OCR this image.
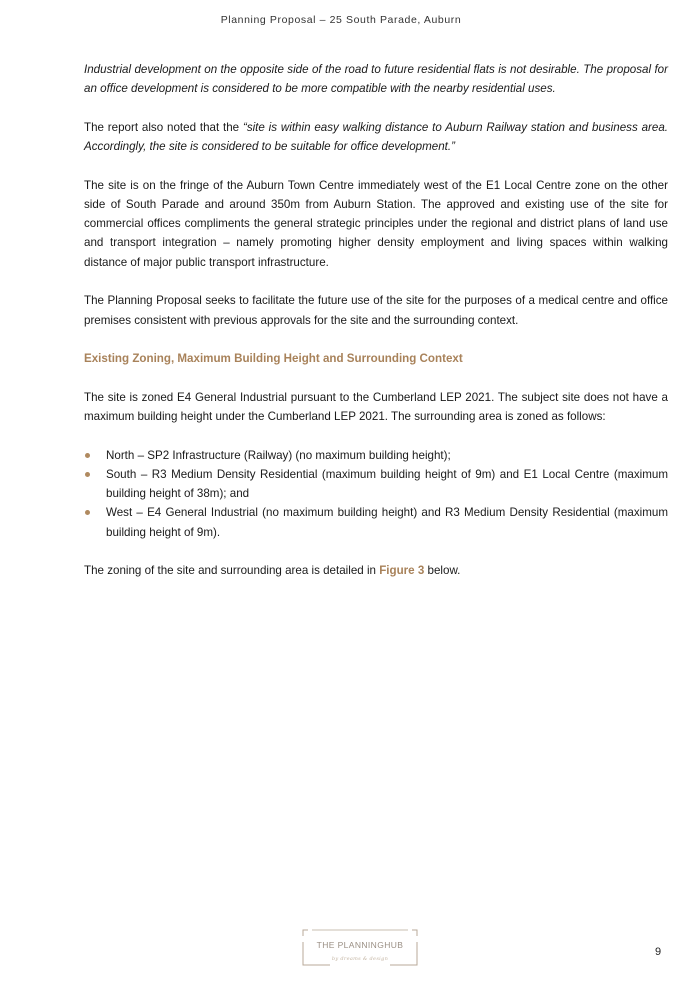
Planning Proposal – 25 South Parade, Auburn

Industrial development on the opposite side of the road to future residential flats is not desirable. The proposal for an office development is considered to be more compatible with the nearby residential uses.

The report also noted that the “site is within easy walking distance to Auburn Railway station and business area. Accordingly, the site is considered to be suitable for office development.”

The site is on the fringe of the Auburn Town Centre immediately west of the E1 Local Centre zone on the other side of South Parade and around 350m from Auburn Station. The approved and existing use of the site for commercial offices compliments the general strategic principles under the regional and district plans of land use and transport integration – namely promoting higher density employment and living spaces within walking distance of major public transport infrastructure.

The Planning Proposal seeks to facilitate the future use of the site for the purposes of a medical centre and office premises consistent with previous approvals for the site and the surrounding context.

Existing Zoning, Maximum Building Height and Surrounding Context

The site is zoned E4 General Industrial pursuant to the Cumberland LEP 2021. The subject site does not have a maximum building height under the Cumberland LEP 2021. The surrounding area is zoned as follows:

North – SP2 Infrastructure (Railway) (no maximum building height);
South – R3 Medium Density Residential (maximum building height of 9m) and E1 Local Centre (maximum building height of 38m); and
West – E4 General Industrial (no maximum building height) and R3 Medium Density Residential (maximum building height of 9m).

The zoning of the site and surrounding area is detailed in Figure 3 below.

THE PLANNINGHUB
by dreams & design
9
